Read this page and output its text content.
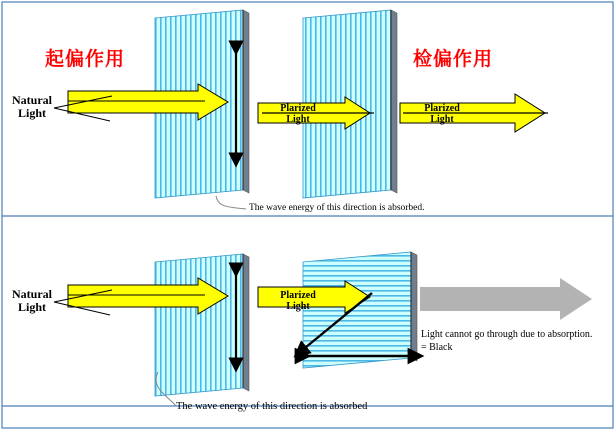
起偏作用	检偏作用
Natural
Light	Plarized
Light
Plarized
Light
The wave energy of this direction is absorbed.
Natural
Light
Plarized
Light
Light cannot go through due to absorption.
= Black
The wave energy of this direction is absorbed
